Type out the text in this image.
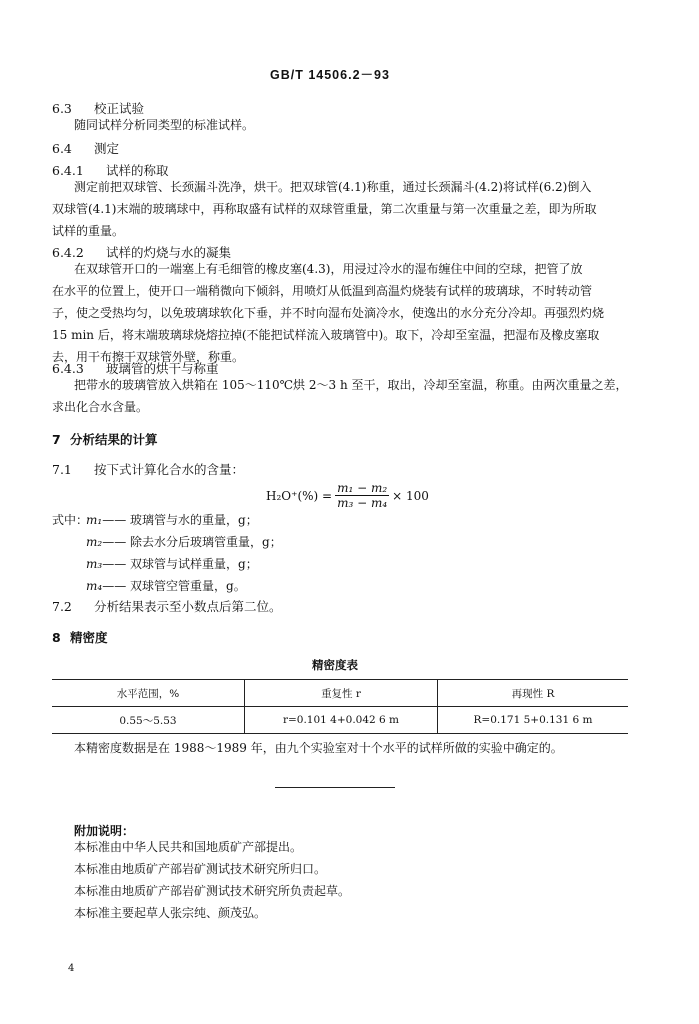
GB/T 14506.2－93
6.3 校正试验
随同试样分析同类型的标准试样。
6.4 测定
6.4.1 试样的称取
测定前把双球管、长颈漏斗洗净，烘干。把双球管(4.1)称重，通过长颈漏斗(4.2)将试样(6.2)倒入
双球管(4.1)末端的玻璃球中，再称取盛有试样的双球管重量，第二次重量与第一次重量之差，即为所取
试样的重量。
6.4.2 试样的灼烧与水的凝集
在双球管开口的一端塞上有毛细管的橡皮塞(4.3)，用浸过冷水的湿布缠住中间的空球，把管了放
在水平的位置上，使开口一端稍微向下倾斜，用喷灯从低温到高温灼烧装有试样的玻璃球，不时转动管
子，使之受热均匀，以免玻璃球软化下垂，并不时向湿布处滴冷水，使逸出的水分充分冷却。再强烈灼烧
15 min 后，将末端玻璃球烧熔拉掉(不能把试样流入玻璃管中)。取下，冷却至室温，把湿布及橡皮塞取
去，用干布擦干双球管外壁，称重。
6.4.3 玻璃管的烘干与称重
把带水的玻璃管放入烘箱在 105～110℃烘 2～3 h 至干，取出，冷却至室温，称重。由两次重量之差，
求出化合水含量。
7 分析结果的计算
7.1 按下式计算化合水的含量：
$H_2O^+(\%) = \frac{\text{m₁ − m₂}}{\text{m₃ − m₄}} \times 100$
式中：
m₁—— 玻璃管与水的重量，g；
m₂—— 除去水分后玻璃管重量，g；
m₃—— 双球管与试样重量，g；
m₄—— 双球管空管重量，g。
7.2 分析结果表示至小数点后第二位。
8 精密度
精密度表
水平范围，%	重复性 r	再现性 R
0.55～5.53	r=0.101 4+0.042 6 m	R=0.171 5+0.131 6 m
本精密度数据是在 1988～1989 年，由九个实验室对十个水平的试样所做的实验中确定的。
附加说明：
本标准由中华人民共和国地质矿产部提出。
本标准由地质矿产部岩矿测试技术研究所归口。
本标准由地质矿产部岩矿测试技术研究所负责起草。
本标准主要起草人张宗纯、颜茂弘。
4
